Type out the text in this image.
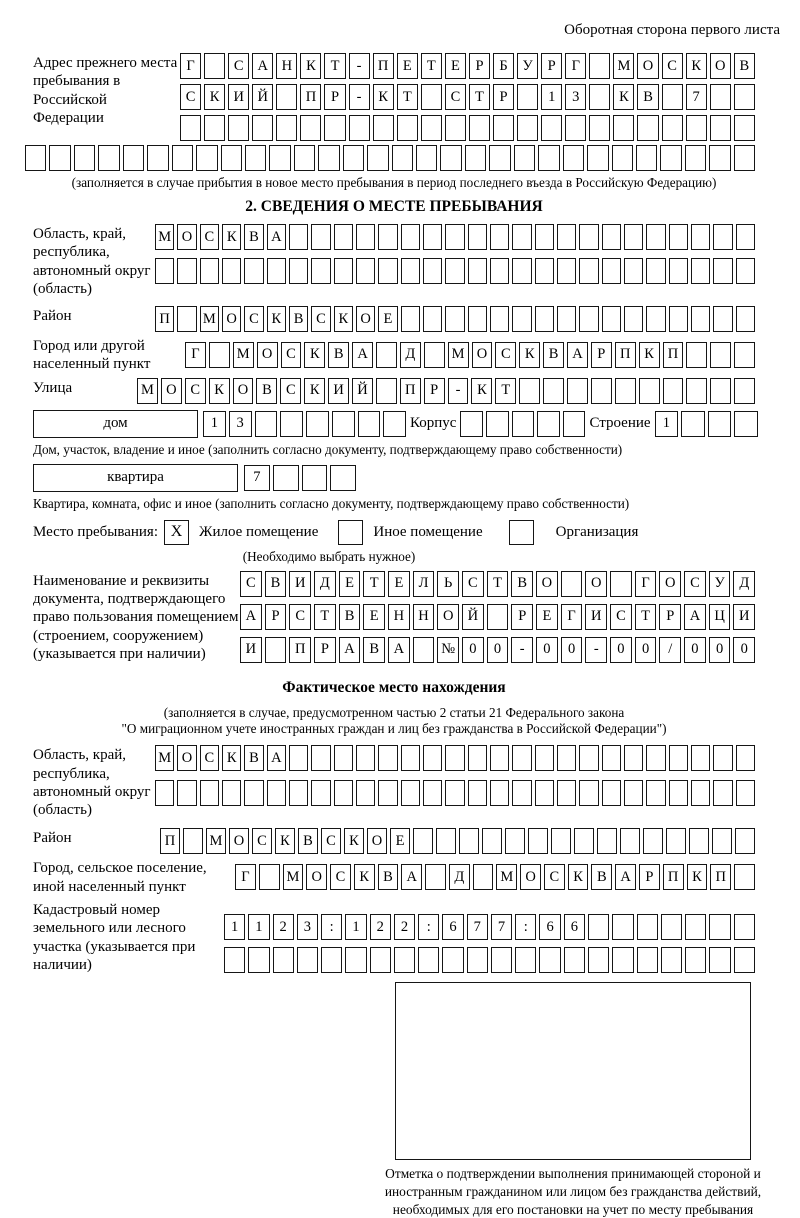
Оборотная сторона первого листа
Адрес прежнего места пребывания в Российской Федерации
Г	С А Н К	Т	-	П Е	Т	Е	Р	Б	У	Р	Г	М О С К О В
С К И Й	П	Р	-	К	Т	С	Т	Р	1	3	К В	7
(заполняется в случае прибытия в новое место пребывания в период последнего въезда в Российскую Федерацию)
2. СВЕДЕНИЯ О МЕСТЕ ПРЕБЫВАНИЯ
Область, край, республика, автономный округ (область)
М О С К В А
Район	П	М О С К В С К О Е
Город или другой населенный пункт
Г	М О С К В А	Д	М О С К В А	Р	П К П
Улица	М О С К О В С К И Й	П	Р	-	К	Т
дом	1	3	Корпус	Строение 1
Дом, участок, владение и иное (заполнить согласно документу, подтверждающему право собственности)
квартира	7
Квартира, комната, офис и иное (заполнить согласно документу, подтверждающему право собственности)
Место пребывания: X	Жилое помещение	Иное помещение	Организация
(Необходимо выбрать нужное)
Наименование и реквизиты документа, подтверждающего право пользования помещением (строением, сооружением) (указывается при наличии)
С	В	И Д	Е	Т	Е	Л	Ь	С	Т	В	О	О	Г	О	С	У	Д
А	Р	С	Т	В	Е	Н Н О Й	Р	Е	Г	И	С	Т	Р	А Ц И
И	П	Р	А	В	А	№ 0	0	-	0	0	-	0	0	/	0	0	0
Фактическое место нахождения
(заполняется в случае, предусмотренном частью 2 статьи 21 Федерального закона
"О миграционном учете иностранных граждан и лиц без гражданства в Российской Федерации")
Область, край, республика, автономный округ (область)
М О С К В А
Район	П	М О С К В С К О Е
Город, сельское поселение, иной населенный пункт
Г	М О С К В А	Д	М О С К В А Р П К П
Кадастровый номер земельного или лесного участка (указывается при наличии)
1	1	2	3	:	1	2	2	:	6	7	7	:	6	6
Отметка о подтверждении выполнения принимающей стороной и иностранным гражданином или лицом без гражданства действий, необходимых для его постановки на учет по месту пребывания
